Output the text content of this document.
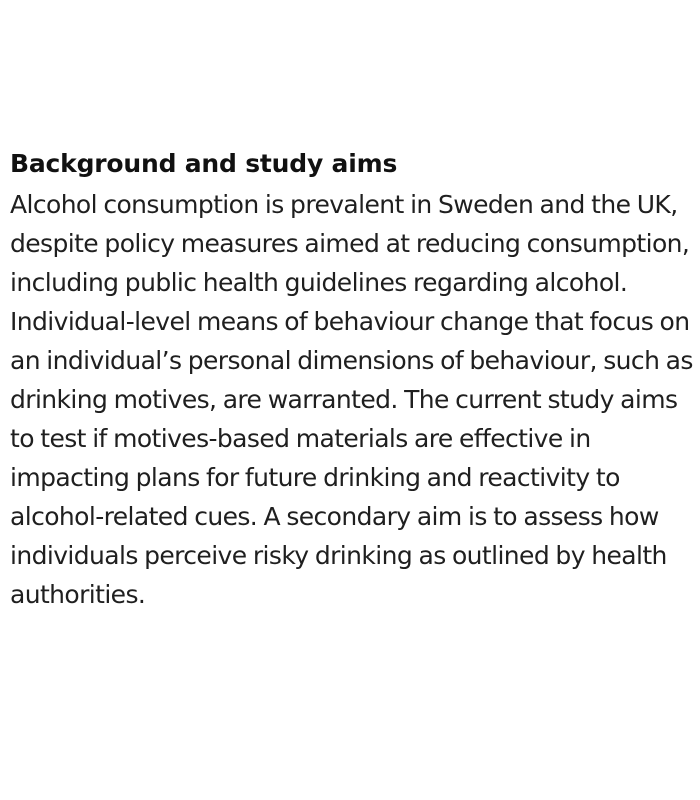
Background and study aims

Alcohol consumption is prevalent in Sweden and the UK, despite policy measures aimed at reducing consumption, including public health guidelines regarding alcohol. Individual-level means of behaviour change that focus on an individual’s personal dimensions of behaviour, such as drinking motives, are warranted. The current study aims to test if motives-based materials are effective in impacting plans for future drinking and reactivity to alcohol-related cues. A secondary aim is to assess how individuals perceive risky drinking as outlined by health authorities.
